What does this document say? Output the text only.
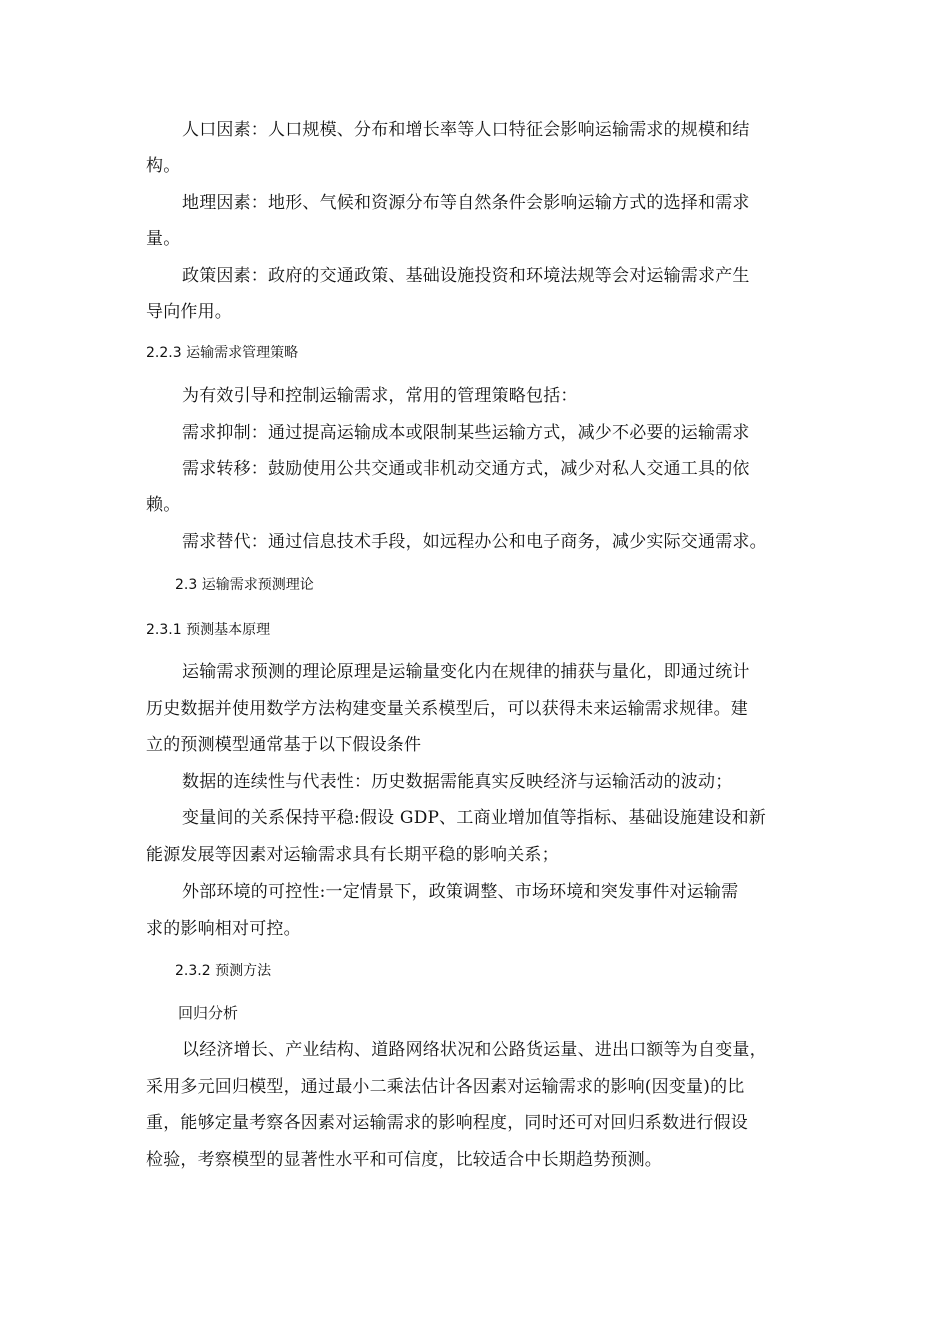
人口因素：人口规模、分布和增长率等人口特征会影响运输需求的规模和结
构。
地理因素：地形、气候和资源分布等自然条件会影响运输方式的选择和需求
量。
政策因素：政府的交通政策、基础设施投资和环境法规等会对运输需求产生
导向作用。
2.2.3 运输需求管理策略
为有效引导和控制运输需求，常用的管理策略包括：
需求抑制：通过提高运输成本或限制某些运输方式，减少不必要的运输需求
需求转移：鼓励使用公共交通或非机动交通方式，减少对私人交通工具的依
赖。
需求替代：通过信息技术手段，如远程办公和电子商务，减少实际交通需求。
2.3 运输需求预测理论
2.3.1 预测基本原理
运输需求预测的理论原理是运输量变化内在规律的捕获与量化，即通过统计
历史数据并使用数学方法构建变量关系模型后，可以获得未来运输需求规律。建
立的预测模型通常基于以下假设条件
数据的连续性与代表性：历史数据需能真实反映经济与运输活动的波动；
变量间的关系保持平稳:假设 GDP、工商业增加值等指标、基础设施建设和新
能源发展等因素对运输需求具有长期平稳的影响关系；
外部环境的可控性:一定情景下，政策调整、市场环境和突发事件对运输需
求的影响相对可控。
2.3.2 预测方法
回归分析
以经济增长、产业结构、道路网络状况和公路货运量、进出口额等为自变量，
采用多元回归模型，通过最小二乘法估计各因素对运输需求的影响(因变量)的比
重，能够定量考察各因素对运输需求的影响程度，同时还可对回归系数进行假设
检验，考察模型的显著性水平和可信度，比较适合中长期趋势预测。
